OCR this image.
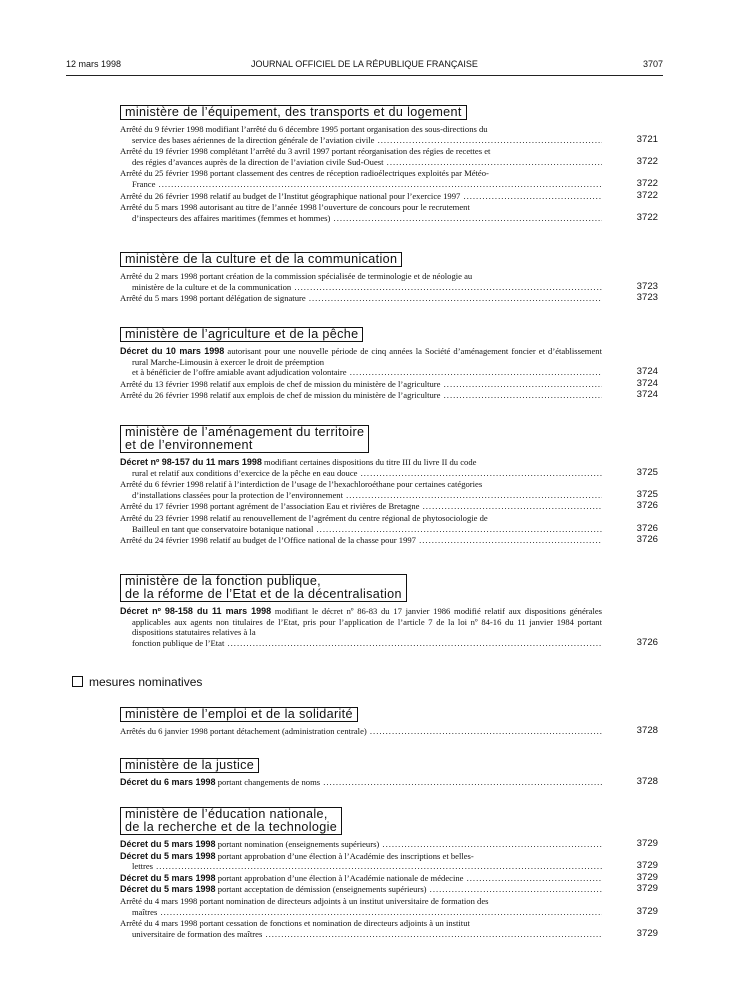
12 mars 1998	JOURNAL OFFICIEL DE LA RÉPUBLIQUE FRANÇAISE	3707
ministère de l’équipement, des transports et du logement
Arrêté du 9 février 1998 modifiant l’arrêté du 6 décembre 1995 portant organisation des sous-directions du
service des bases aériennes de la direction générale de l’aviation civile .....	3721
Arrêté du 19 février 1998 complétant l’arrêté du 3 avril 1997 portant réorganisation des régies de recettes et
des régies d’avances auprès de la direction de l’aviation civile Sud-Ouest .....	3722
Arrêté du 25 février 1998 portant classement des centres de réception radioélectriques exploités par Météo-
France .....	3722
Arrêté du 26 février 1998 relatif au budget de l’Institut géographique national pour l’exercice 1997 .....	3722
Arrêté du 5 mars 1998 autorisant au titre de l’année 1998 l’ouverture de concours pour le recrutement
d’inspecteurs des affaires maritimes (femmes et hommes) .....	3722
ministère de la culture et de la communication
Arrêté du 2 mars 1998 portant création de la commission spécialisée de terminologie et de néologie au
ministère de la culture et de la communication .....	3723
Arrêté du 5 mars 1998 portant délégation de signature .....	3723
ministère de l’agriculture et de la pêche
Décret du 10 mars 1998 autorisant pour une nouvelle période de cinq années la Société d’aménagement foncier et d’établissement rural Marche-Limousin à exercer le droit de préemption
et à bénéficier de l’offre amiable avant adjudication volontaire .....	3724
Arrêté du 13 février 1998 relatif aux emplois de chef de mission du ministère de l’agriculture .....	3724
Arrêté du 26 février 1998 relatif aux emplois de chef de mission du ministère de l’agriculture .....	3724
ministère de l’aménagement du territoire
et de l’environnement
Décret nº 98-157 du 11 mars 1998 modifiant certaines dispositions du titre III du livre II du code
rural et relatif aux conditions d’exercice de la pêche en eau douce .....	3725
Arrêté du 6 février 1998 relatif à l’interdiction de l’usage de l’hexachloroéthane pour certaines catégories
d’installations classées pour la protection de l’environnement .....	3725
Arrêté du 17 février 1998 portant agrément de l’association Eau et rivières de Bretagne .....	3726
Arrêté du 23 février 1998 relatif au renouvellement de l’agrément du centre régional de phytosociologie de
Bailleul en tant que conservatoire botanique national .....	3726
Arrêté du 24 février 1998 relatif au budget de l’Office national de la chasse pour 1997 .....	3726
ministère de la fonction publique,
de la réforme de l’Etat et de la décentralisation
Décret nº 98-158 du 11 mars 1998 modifiant le décret nº 86-83 du 17 janvier 1986 modifié relatif aux dispositions générales applicables aux agents non titulaires de l’Etat, pris pour l’application de l’article 7 de la loi nº 84-16 du 11 janvier 1984 portant dispositions statutaires relatives à la
fonction publique de l’Etat .....	3726
ministère de l’emploi et de la solidarité
Arrêtés du 6 janvier 1998 portant détachement (administration centrale) .....	3728
ministère de la justice
Décret du 6 mars 1998 portant changements de noms .....	3728
ministère de l’éducation nationale,
de la recherche et de la technologie
Décret du 5 mars 1998 portant nomination (enseignements supérieurs) .....	3729
Décret du 5 mars 1998 portant approbation d’une élection à l’Académie des inscriptions et belles-
lettres .....	3729
Décret du 5 mars 1998 portant approbation d’une élection à l’Académie nationale de médecine .....	3729
Décret du 5 mars 1998 portant acceptation de démission (enseignements supérieurs) .....	3729
Arrêté du 4 mars 1998 portant nomination de directeurs adjoints à un institut universitaire de formation des
maîtres .....	3729
Arrêté du 4 mars 1998 portant cessation de fonctions et nomination de directeurs adjoints à un institut
universitaire de formation des maîtres .....	3729
mesures nominatives
